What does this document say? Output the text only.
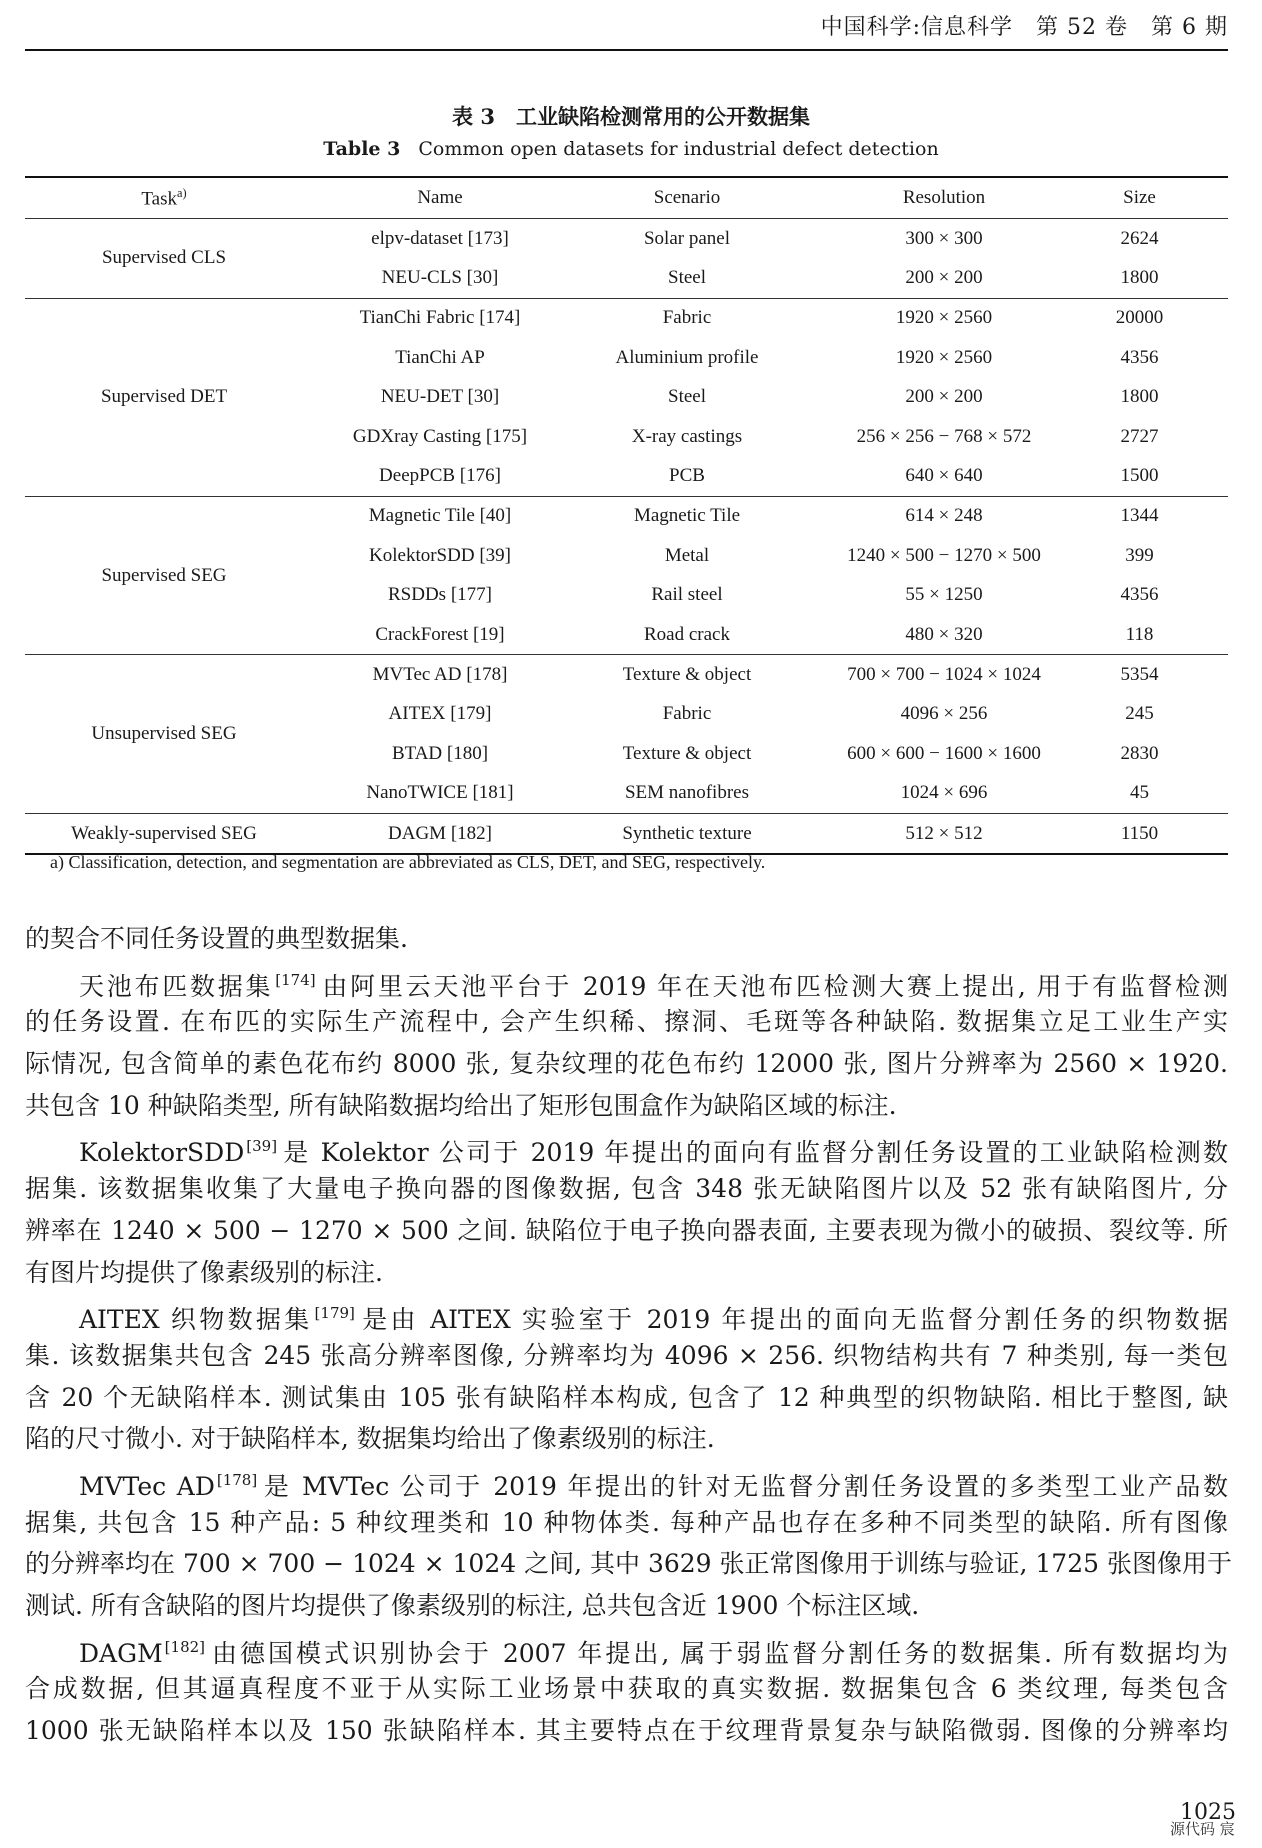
中国科学:信息科学　第 52 卷　第 6 期
表 3　工业缺陷检测常用的公开数据集
Table 3 Common open datasets for industrial defect detection
Task$^{a)}$	Name	Scenario	Resolution	Size
Supervised CLS	elpv-dataset [173]	Solar panel	300 × 300	2624
	NEU-CLS [30]	Steel	200 × 200	1800
Supervised DET	TianChi Fabric [174]	Fabric	1920 × 2560	20000
	TianChi AP	Aluminium profile	1920 × 2560	4356
	NEU-DET [30]	Steel	200 × 200	1800
	GDXray Casting [175]	X-ray castings	256 × 256 − 768 × 572	2727
	DeepPCB [176]	PCB	640 × 640	1500
Supervised SEG	Magnetic Tile [40]	Magnetic Tile	614 × 248	1344
	KolektorSDD [39]	Metal	1240 × 500 − 1270 × 500	399
	RSDDs [177]	Rail steel	55 × 1250	4356
	CrackForest [19]	Road crack	480 × 320	118
Unsupervised SEG	MVTec AD [178]	Texture & object	700 × 700 − 1024 × 1024	5354
	AITEX [179]	Fabric	4096 × 256	245
	BTAD [180]	Texture & object	600 × 600 − 1600 × 1600	2830
	NanoTWICE [181]	SEM nanofibres	1024 × 696	45
Weakly-supervised SEG	DAGM [182]	Synthetic texture	512 × 512	1150
a) Classification, detection, and segmentation are abbreviated as CLS, DET, and SEG, respectively.
的契合不同任务设置的典型数据集.
天池布匹数据集 [174] 由阿里云天池平台于 2019 年在天池布匹检测大赛上提出, 用于有监督检测
的任务设置. 在布匹的实际生产流程中, 会产生织稀、擦洞、毛斑等各种缺陷. 数据集立足工业生产实
际情况, 包含简单的素色花布约 8000 张, 复杂纹理的花色布约 12000 张, 图片分辨率为 2560 × 1920.
共包含 10 种缺陷类型, 所有缺陷数据均给出了矩形包围盒作为缺陷区域的标注.
KolektorSDD [39] 是 Kolektor 公司于 2019 年提出的面向有监督分割任务设置的工业缺陷检测数
据集. 该数据集收集了大量电子换向器的图像数据, 包含 348 张无缺陷图片以及 52 张有缺陷图片, 分
辨率在 1240 × 500 − 1270 × 500 之间. 缺陷位于电子换向器表面, 主要表现为微小的破损、裂纹等. 所
有图片均提供了像素级别的标注.
AITEX 织物数据集 [179] 是由 AITEX 实验室于 2019 年提出的面向无监督分割任务的织物数据
集. 该数据集共包含 245 张高分辨率图像, 分辨率均为 4096 × 256. 织物结构共有 7 种类别, 每一类包
含 20 个无缺陷样本. 测试集由 105 张有缺陷样本构成, 包含了 12 种典型的织物缺陷. 相比于整图, 缺
陷的尺寸微小. 对于缺陷样本, 数据集均给出了像素级别的标注.
MVTec AD [178] 是 MVTec 公司于 2019 年提出的针对无监督分割任务设置的多类型工业产品数
据集, 共包含 15 种产品: 5 种纹理类和 10 种物体类. 每种产品也存在多种不同类型的缺陷. 所有图像
的分辨率均在 700 × 700 − 1024 × 1024 之间, 其中 3629 张正常图像用于训练与验证, 1725 张图像用于
测试. 所有含缺陷的图片均提供了像素级别的标注, 总共包含近 1900 个标注区域.
DAGM [182] 由德国模式识别协会于 2007 年提出, 属于弱监督分割任务的数据集. 所有数据均为
合成数据, 但其逼真程度不亚于从实际工业场景中获取的真实数据. 数据集包含 6 类纹理, 每类包含
1000 张无缺陷样本以及 150 张缺陷样本. 其主要特点在于纹理背景复杂与缺陷微弱. 图像的分辨率均
1025
源代码 宸
